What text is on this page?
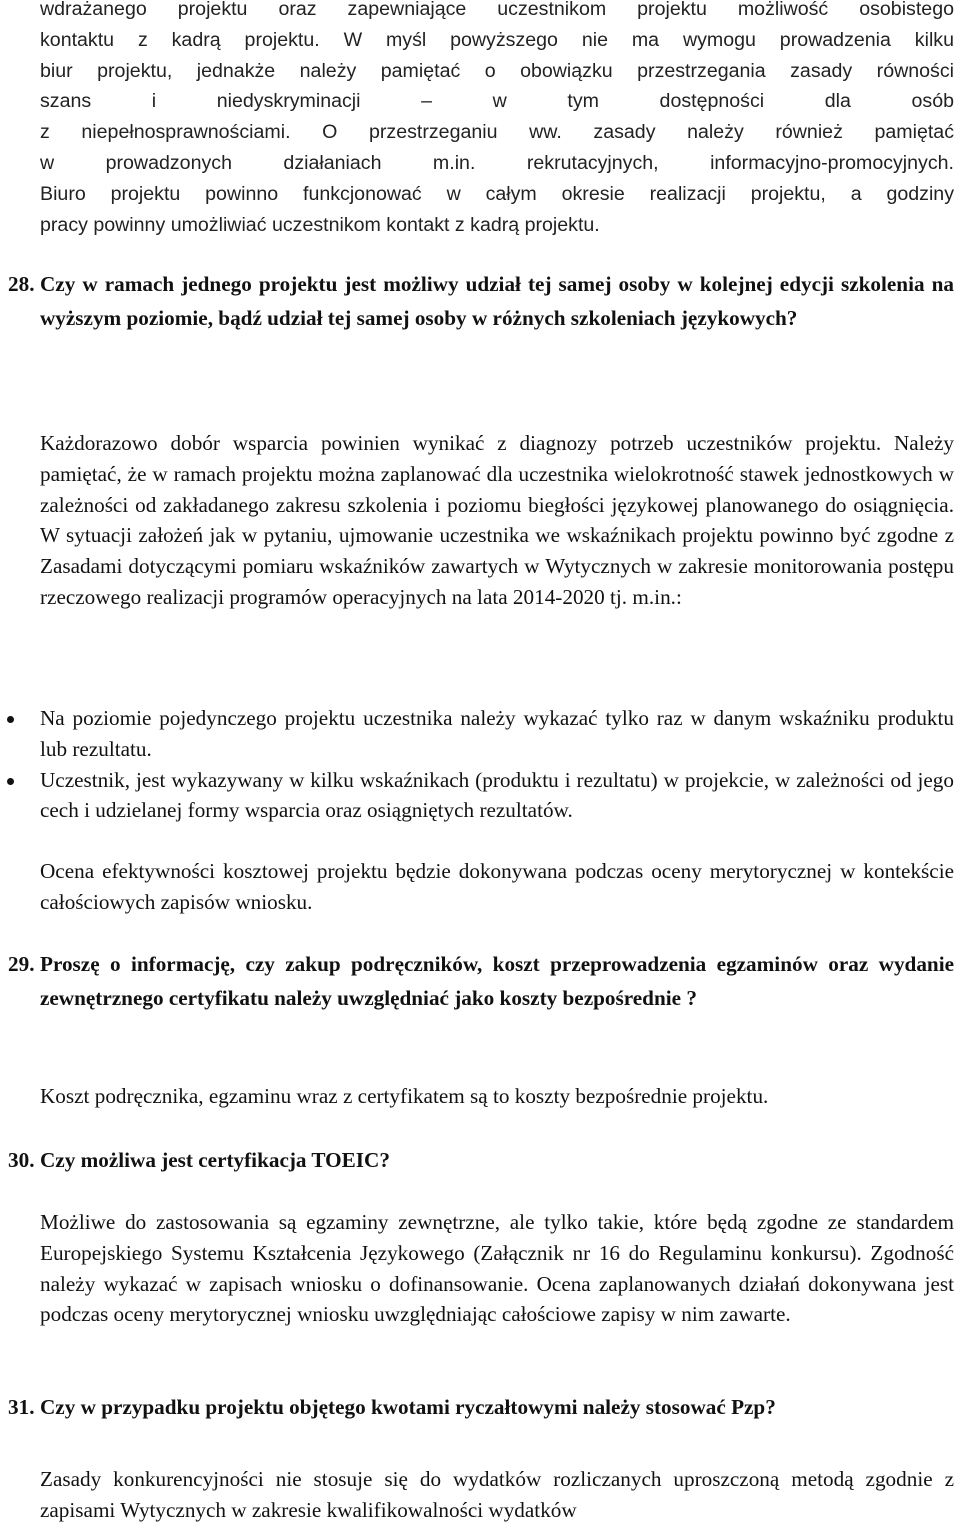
wdrażanego projektu oraz zapewniające uczestnikom projektu możliwość osobistego
kontaktu z kadrą projektu. W myśl powyższego nie ma wymogu prowadzenia kilku
biur projektu, jednakże należy pamiętać o obowiązku przestrzegania zasady równości
szans i niedyskryminacji – w tym dostępności dla osób
z niepełnosprawnościami. O przestrzeganiu ww. zasady należy również pamiętać
w prowadzonych działaniach m.in. rekrutacyjnych, informacyjno-promocyjnych.
Biuro projektu powinno funkcjonować w całym okresie realizacji projektu, a godziny
pracy powinny umożliwiać uczestnikom kontakt z kadrą projektu.

28. Czy w ramach jednego projektu jest możliwy udział tej samej osoby w kolejnej edycji szkolenia na wyższym poziomie, bądź udział tej samej osoby w różnych szkoleniach językowych?

Każdorazowo dobór wsparcia powinien wynikać z diagnozy potrzeb uczestników projektu. Należy pamiętać, że w ramach projektu można zaplanować dla uczestnika wielokrotność stawek jednostkowych w zależności od zakładanego zakresu szkolenia i poziomu biegłości językowej planowanego do osiągnięcia. W sytuacji założeń jak w pytaniu, ujmowanie uczestnika we wskaźnikach projektu powinno być zgodne z Zasadami dotyczącymi pomiaru wskaźników zawartych w Wytycznych w zakresie monitorowania postępu rzeczowego realizacji programów operacyjnych na lata 2014-2020 tj. m.in.:

Na poziomie pojedynczego projektu uczestnika należy wykazać tylko raz w danym wskaźniku produktu lub rezultatu.
Uczestnik, jest wykazywany w kilku wskaźnikach (produktu i rezultatu) w projekcie, w zależności od jego cech i udzielanej formy wsparcia oraz osiągniętych rezultatów.

Ocena efektywności kosztowej projektu będzie dokonywana podczas oceny merytorycznej w kontekście całościowych zapisów wniosku.

29. Proszę o informację, czy zakup podręczników, koszt przeprowadzenia egzaminów oraz wydanie zewnętrznego certyfikatu należy uwzględniać jako koszty bezpośrednie ?

Koszt podręcznika, egzaminu wraz z certyfikatem są to koszty bezpośrednie projektu.

30. Czy możliwa jest certyfikacja TOEIC?

Możliwe do zastosowania są egzaminy zewnętrzne, ale tylko takie, które będą zgodne ze standardem Europejskiego Systemu Kształcenia Językowego (Załącznik nr 16 do Regulaminu konkursu). Zgodność należy wykazać w zapisach wniosku o dofinansowanie. Ocena zaplanowanych działań dokonywana jest podczas oceny merytorycznej wniosku uwzględniając całościowe zapisy w nim zawarte.

31. Czy w przypadku projektu objętego kwotami ryczałtowymi należy stosować Pzp?

Zasady konkurencyjności nie stosuje się do wydatków rozliczanych uproszczoną metodą zgodnie z zapisami Wytycznych w zakresie kwalifikowalności wydatków
